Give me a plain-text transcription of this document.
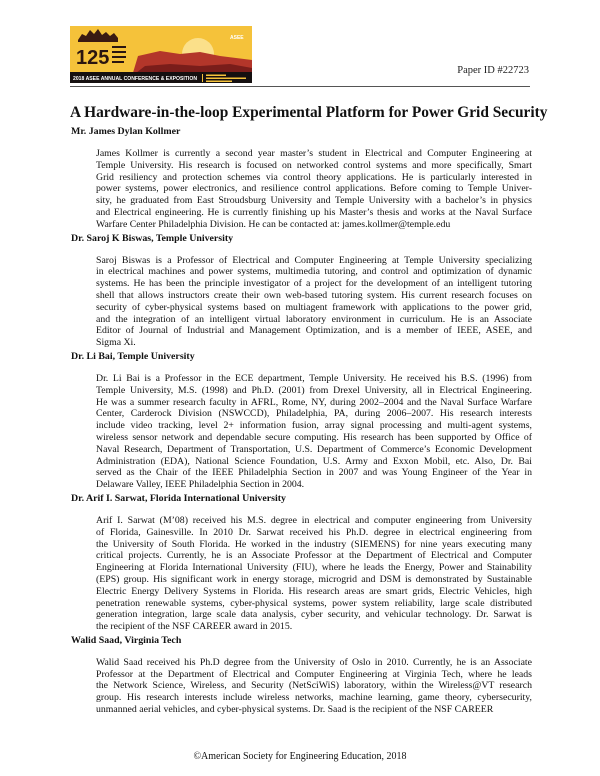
125
ASEE
2018 ASEE ANNUAL CONFERENCE & EXPOSITION
Paper ID #22723
A Hardware-in-the-loop Experimental Platform for Power Grid Security
Mr. James Dylan Kollmer
James Kollmer is currently a second year master’s student in Electrical and Computer Engineering at
Temple University. His research is focused on networked control systems and more specifically, Smart
Grid resiliency and protection schemes via control theory applications. He is particularly interested in
power systems, power electronics, and resilience control applications. Before coming to Temple Univer-
sity, he graduated from East Stroudsburg University and Temple University with a bachelor’s in physics
and Electrical engineering. He is currently finishing up his Master’s thesis and works at the Naval Surface
Warfare Center Philadelphia Division. He can be contacted at: james.kollmer@temple.edu
Dr. Saroj K Biswas, Temple University
Saroj Biswas is a Professor of Electrical and Computer Engineering at Temple University specializing
in electrical machines and power systems, multimedia tutoring, and control and optimization of dynamic
systems. He has been the principle investigator of a project for the development of an intelligent tutoring
shell that allows instructors create their own web-based tutoring system. His current research focuses on
security of cyber-physical systems based on multiagent framework with applications to the power grid,
and the integration of an intelligent virtual laboratory environment in curriculum. He is an Associate
Editor of Journal of Industrial and Management Optimization, and is a member of IEEE, ASEE, and
Sigma Xi.
Dr. Li Bai, Temple University
Dr. Li Bai is a Professor in the ECE department, Temple University. He received his B.S. (1996) from
Temple University, M.S. (1998) and Ph.D. (2001) from Drexel University, all in Electrical Engineering.
He was a summer research faculty in AFRL, Rome, NY, during 2002–2004 and the Naval Surface Warfare
Center, Carderock Division (NSWCCD), Philadelphia, PA, during 2006–2007. His research interests
include video tracking, level 2+ information fusion, array signal processing and multi-agent systems,
wireless sensor network and dependable secure computing. His research has been supported by Office of
Naval Research, Department of Transportation, U.S. Department of Commerce’s Economic Development
Administration (EDA), National Science Foundation, U.S. Army and Exxon Mobil, etc. Also, Dr. Bai
served as the Chair of the IEEE Philadelphia Section in 2007 and was Young Engineer of the Year in
Delaware Valley, IEEE Philadelphia Section in 2004.
Dr. Arif I. Sarwat, Florida International University
Arif I. Sarwat (M’08) received his M.S. degree in electrical and computer engineering from University
of Florida, Gainesville. In 2010 Dr. Sarwat received his Ph.D. degree in electrical engineering from
the University of South Florida. He worked in the industry (SIEMENS) for nine years executing many
critical projects. Currently, he is an Associate Professor at the Department of Electrical and Computer
Engineering at Florida International University (FIU), where he leads the Energy, Power and Stainability
(EPS) group. His significant work in energy storage, microgrid and DSM is demonstrated by Sustainable
Electric Energy Delivery Systems in Florida. His research areas are smart grids, Electric Vehicles, high
penetration renewable systems, cyber-physical systems, power system reliability, large scale distributed
generation integration, large scale data analysis, cyber security, and vehicular technology. Dr. Sarwat is
the recipient of the NSF CAREER award in 2015.
Walid Saad, Virginia Tech
Walid Saad received his Ph.D degree from the University of Oslo in 2010. Currently, he is an Associate
Professor at the Department of Electrical and Computer Engineering at Virginia Tech, where he leads
the Network Science, Wireless, and Security (NetSciWiS) laboratory, within the Wireless@VT research
group. His research interests include wireless networks, machine learning, game theory, cybersecurity,
unmanned aerial vehicles, and cyber-physical systems. Dr. Saad is the recipient of the NSF CAREER
©American Society for Engineering Education, 2018
